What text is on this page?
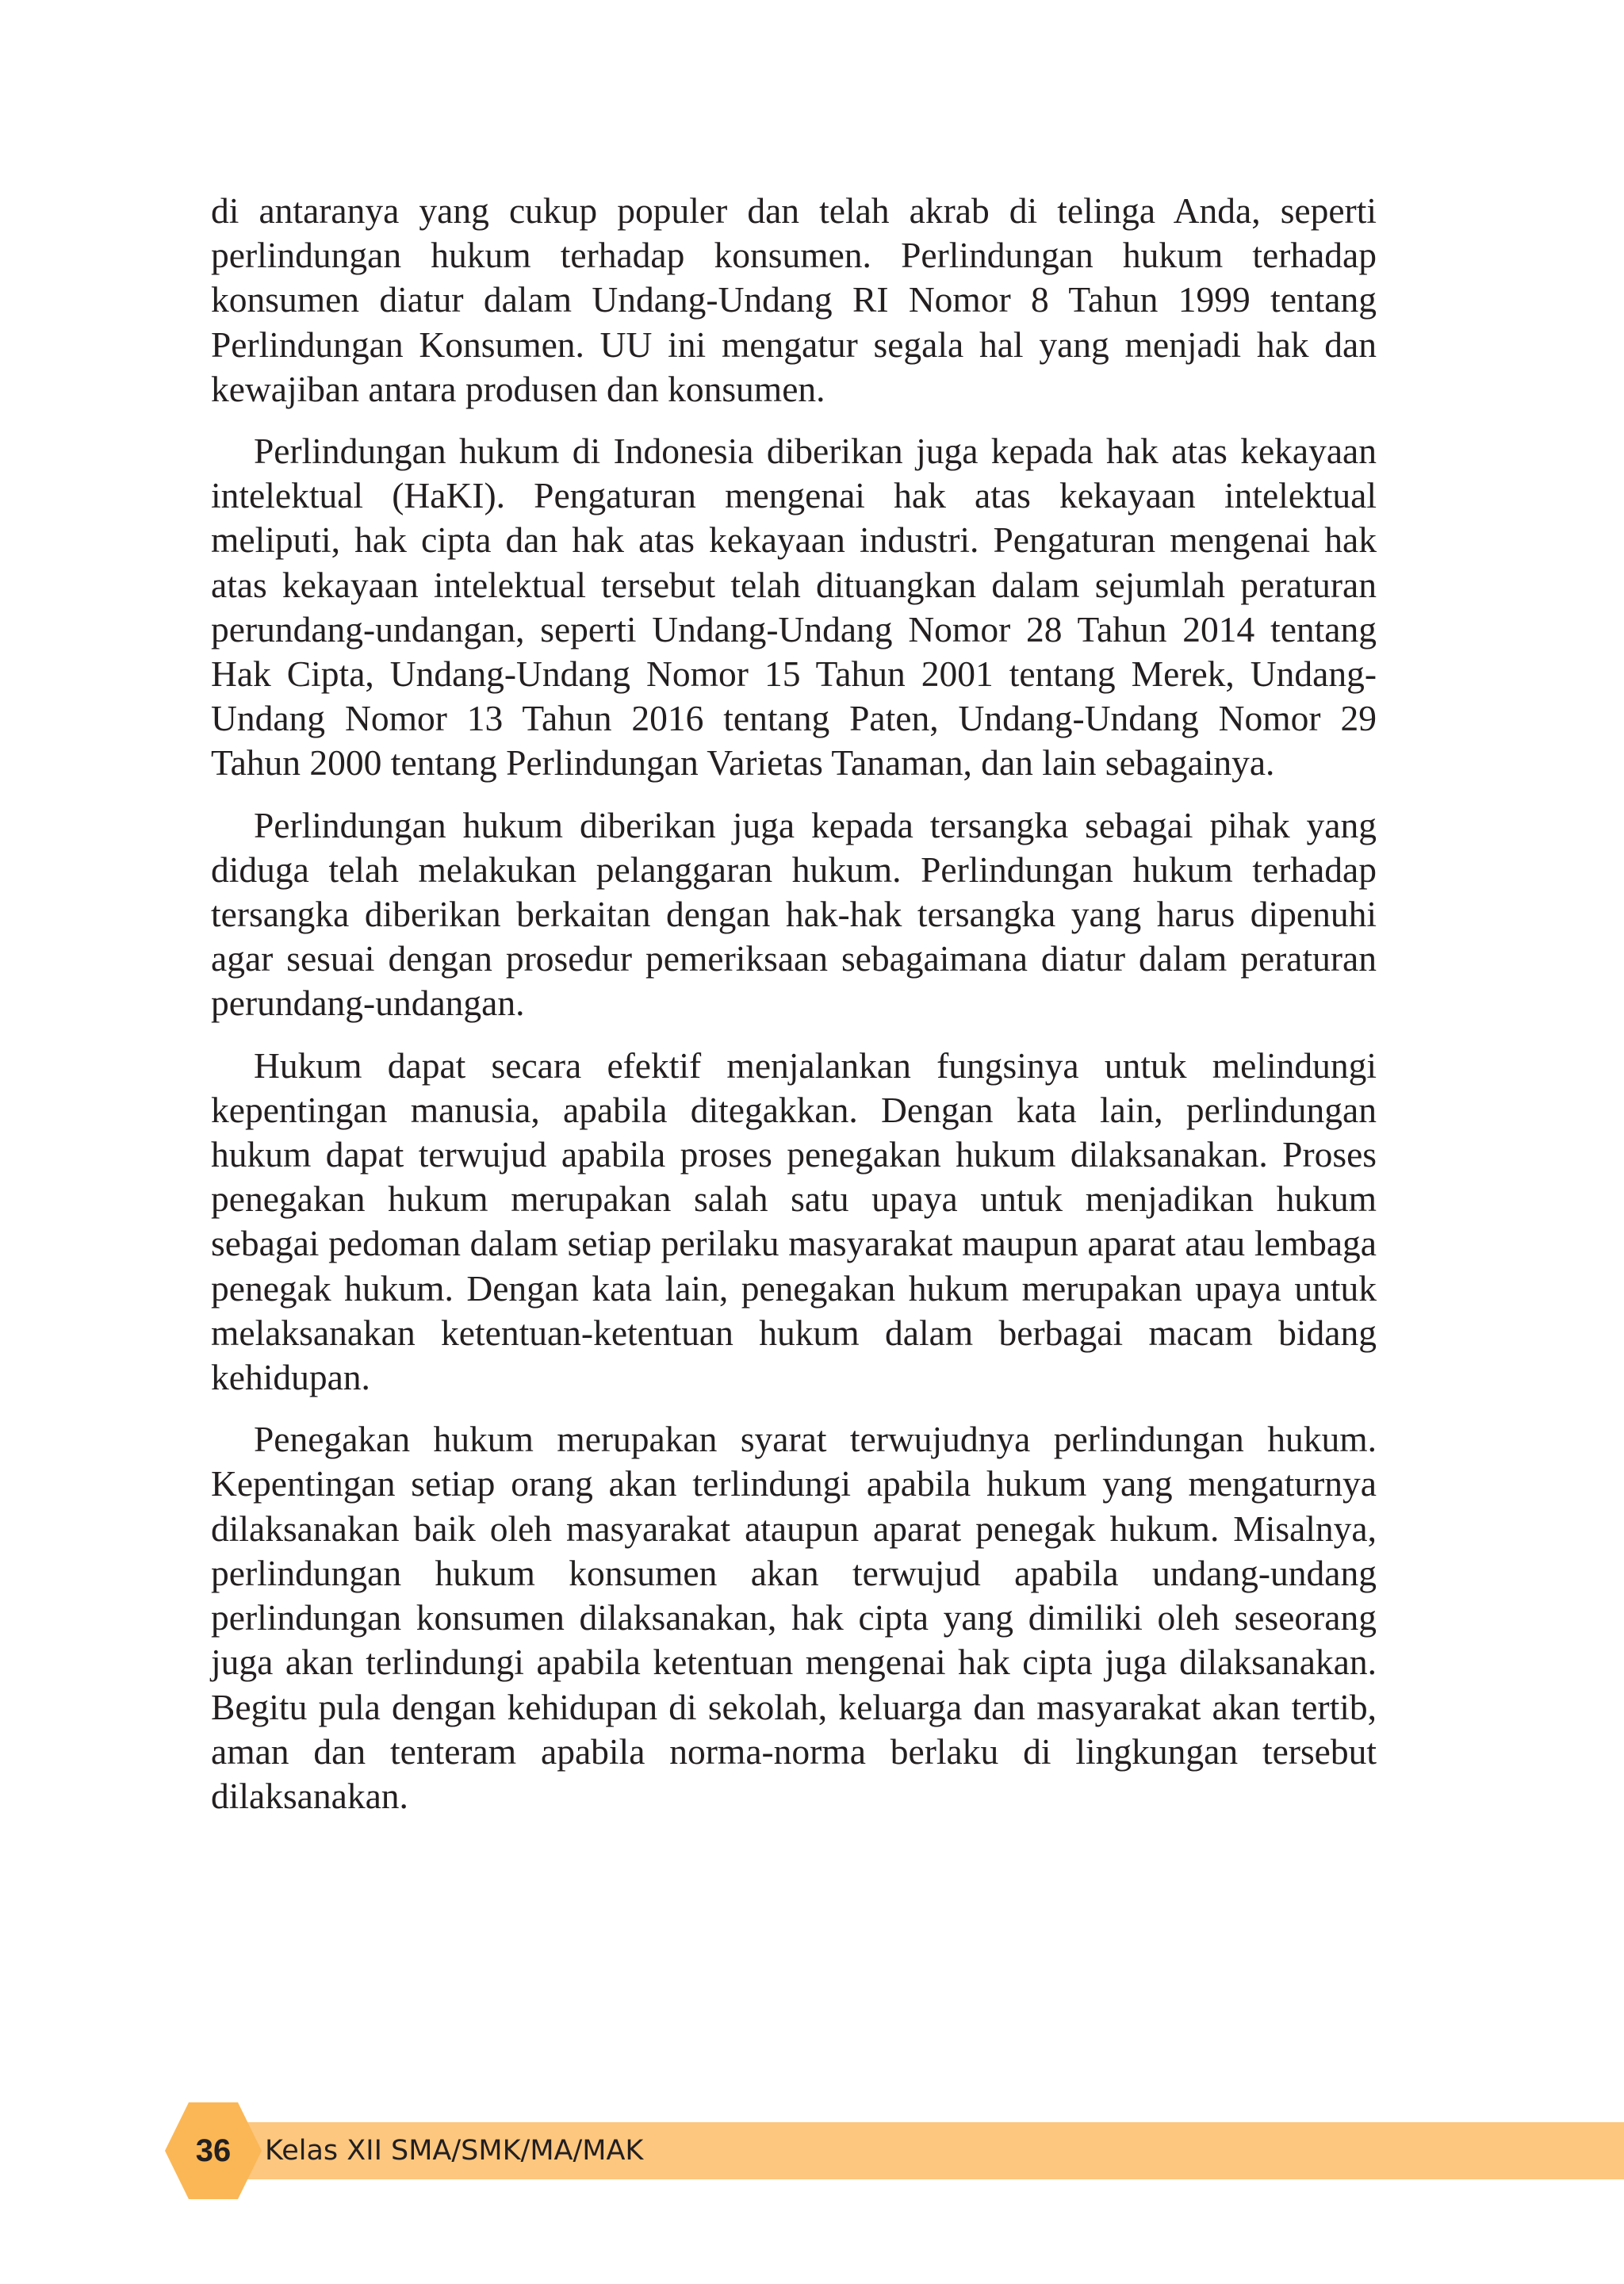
di antaranya yang cukup populer dan telah akrab di telinga Anda, seperti perlindungan hukum terhadap konsumen. Perlindungan hukum terhadap konsumen diatur dalam Undang-Undang RI Nomor 8 Tahun 1999 tentang Perlindungan Konsumen. UU ini mengatur segala hal yang menjadi hak dan kewajiban antara produsen dan konsumen.

Perlindungan hukum di Indonesia diberikan juga kepada hak atas kekayaan intelektual (HaKI). Pengaturan mengenai hak atas kekayaan intelektual meliputi, hak cipta dan hak atas kekayaan industri. Pengaturan mengenai hak atas kekayaan intelektual tersebut telah dituangkan dalam sejumlah peraturan perundang-undangan, seperti Undang-Undang Nomor 28 Tahun 2014 tentang Hak Cipta, Undang-Undang Nomor 15 Tahun 2001 tentang Merek, Undang-Undang Nomor 13 Tahun 2016 tentang Paten, Undang-Undang Nomor 29 Tahun 2000 tentang Perlindungan Varietas Tanaman, dan lain sebagainya.

Perlindungan hukum diberikan juga kepada tersangka sebagai pihak yang diduga telah melakukan pelanggaran hukum. Perlindungan hukum terhadap tersangka diberikan berkaitan dengan hak-hak tersangka yang harus dipenuhi agar sesuai dengan prosedur pemeriksaan sebagaimana diatur dalam peraturan perundang-undangan.

Hukum dapat secara efektif menjalankan fungsinya untuk melindungi kepentingan manusia, apabila ditegakkan. Dengan kata lain, perlindungan hukum dapat terwujud apabila proses penegakan hukum dilaksanakan. Proses penegakan hukum merupakan salah satu upaya untuk menjadikan hukum sebagai pedoman dalam setiap perilaku masyarakat maupun aparat atau lembaga penegak hukum. Dengan kata lain, penegakan hukum merupakan upaya untuk melaksanakan ketentuan-ketentuan hukum dalam berbagai macam bidang kehidupan.

Penegakan hukum merupakan syarat terwujudnya perlindungan hukum. Kepentingan setiap orang akan terlindungi apabila hukum yang mengaturnya dilaksanakan baik oleh masyarakat ataupun aparat penegak hukum. Misalnya, perlindungan hukum konsumen akan terwujud apabila undang-undang perlindungan konsumen dilaksanakan, hak cipta yang dimiliki oleh seseorang juga akan terlindungi apabila ketentuan mengenai hak cipta juga dilaksanakan. Begitu pula dengan kehidupan di sekolah, keluarga dan masyarakat akan tertib, aman dan tenteram apabila norma-norma berlaku di lingkungan tersebut dilaksanakan.

36	Kelas XII SMA/SMK/MA/MAK
